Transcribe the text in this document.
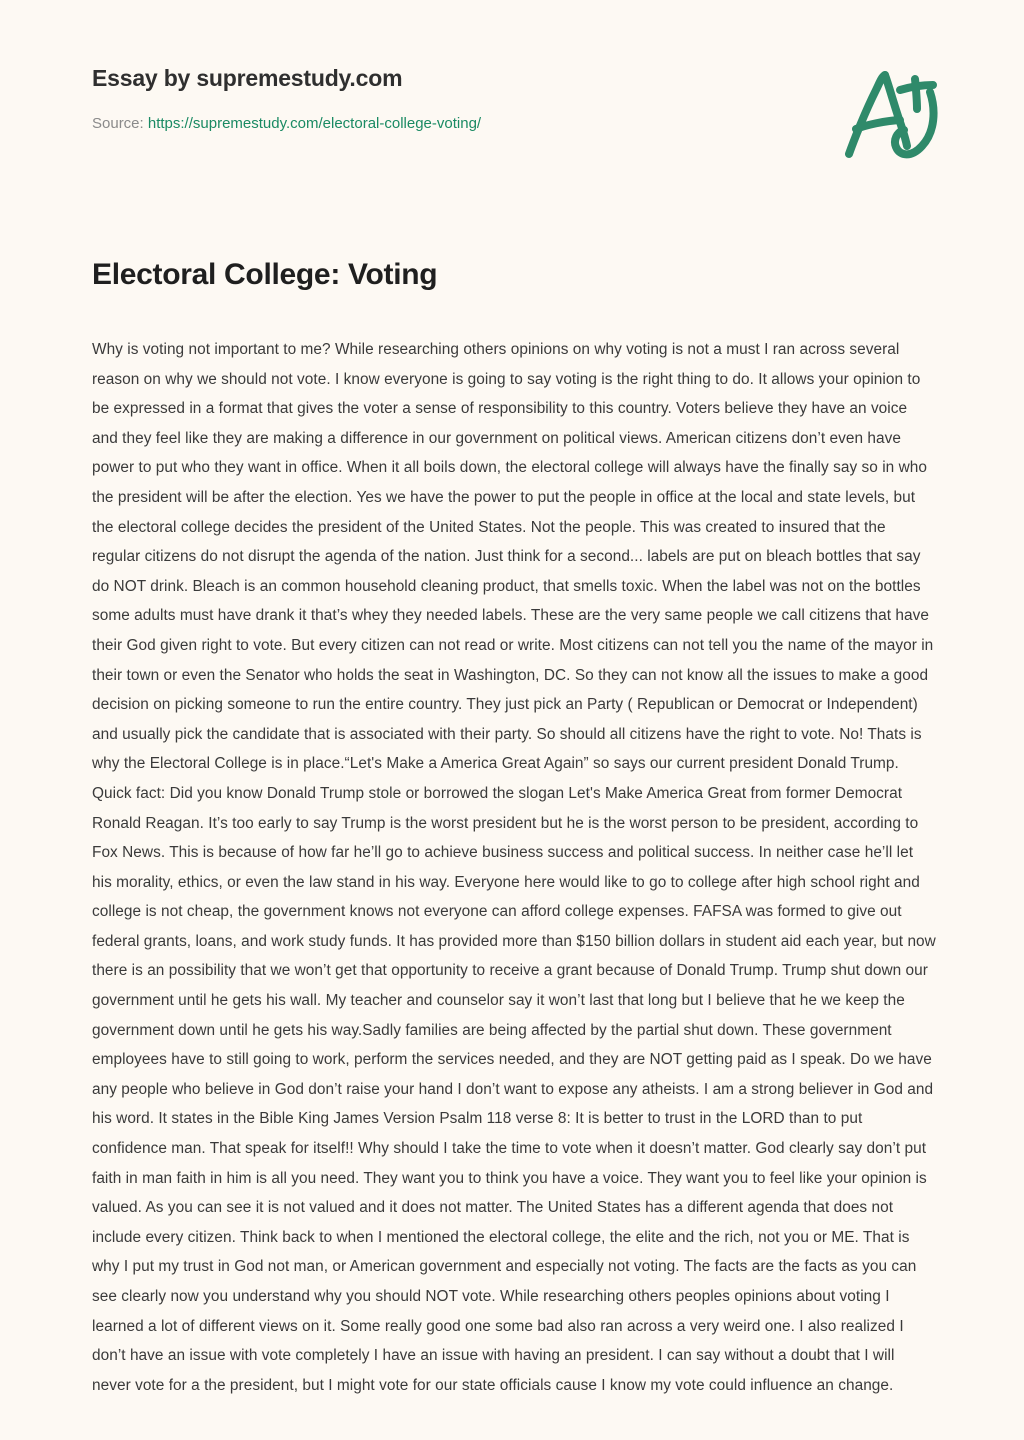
Essay by supremestudy.com

Source: https://supremestudy.com/electoral-college-voting/

Electoral College: Voting
Why is voting not important to me? While researching others opinions on why voting is not a must I ran across several reason on why we should not vote. I know everyone is going to say voting is the right thing to do. It allows your opinion to be expressed in a format that gives the voter a sense of responsibility to this country. Voters believe they have an voice and they feel like they are making a difference in our government on political views. American citizens don’t even have power to put who they want in office. When it all boils down, the electoral college will always have the finally say so in who the president will be after the election. Yes we have the power to put the people in office at the local and state levels, but the electoral college decides the president of the United States. Not the people. This was created to insured that the regular citizens do not disrupt the agenda of the nation. Just think for a second... labels are put on bleach bottles that say do NOT drink. Bleach is an common household cleaning product, that smells toxic. When the label was not on the bottles some adults must have drank it that’s whey they needed labels. These are the very same people we call citizens that have their God given right to vote. But every citizen can not read or write. Most citizens can not tell you the name of the mayor in their town or even the Senator who holds the seat in Washington, DC. So they can not know all the issues to make a good decision on picking someone to run the entire country. They just pick an Party ( Republican or Democrat or Independent) and usually pick the candidate that is associated with their party. So should all citizens have the right to vote. No! Thats is why the Electoral College is in place.“Let's Make a America Great Again” so says our current president Donald Trump. Quick fact: Did you know Donald Trump stole or borrowed the slogan Let's Make America Great from former Democrat Ronald Reagan. It’s too early to say Trump is the worst president but he is the worst person to be president, according to Fox News. This is because of how far he’ll go to achieve business success and political success. In neither case he’ll let his morality, ethics, or even the law stand in his way. Everyone here would like to go to college after high school right and college is not cheap, the government knows not everyone can afford college expenses. FAFSA was formed to give out federal grants, loans, and work study funds. It has provided more than $150 billion dollars in student aid each year, but now there is an possibility that we won’t get that opportunity to receive a grant because of Donald Trump. Trump shut down our government until he gets his wall. My teacher and counselor say it won’t last that long but I believe that he we keep the government down until he gets his way.Sadly families are being affected by the partial shut down. These government employees have to still going to work, perform the services needed, and they are NOT getting paid as I speak. Do we have any people who believe in God don’t raise your hand I don’t want to expose any atheists. I am a strong believer in God and his word. It states in the Bible King James Version Psalm 118 verse 8: It is better to trust in the LORD than to put confidence man. That speak for itself!! Why should I take the time to vote when it doesn’t matter. God clearly say don’t put faith in man faith in him is all you need. They want you to think you have a voice. They want you to feel like your opinion is valued. As you can see it is not valued and it does not matter. The United States has a different agenda that does not include every citizen. Think back to when I mentioned the electoral college, the elite and the rich, not you or ME. That is why I put my trust in God not man, or American government and especially not voting. The facts are the facts as you can see clearly now you understand why you should NOT vote. While researching others peoples opinions about voting I learned a lot of different views on it. Some really good one some bad also ran across a very weird one. I also realized I don’t have an issue with vote completely I have an issue with having an president. I can say without a doubt that I will never vote for a the president, but I might vote for our state officials cause I know my vote could influence an change.
